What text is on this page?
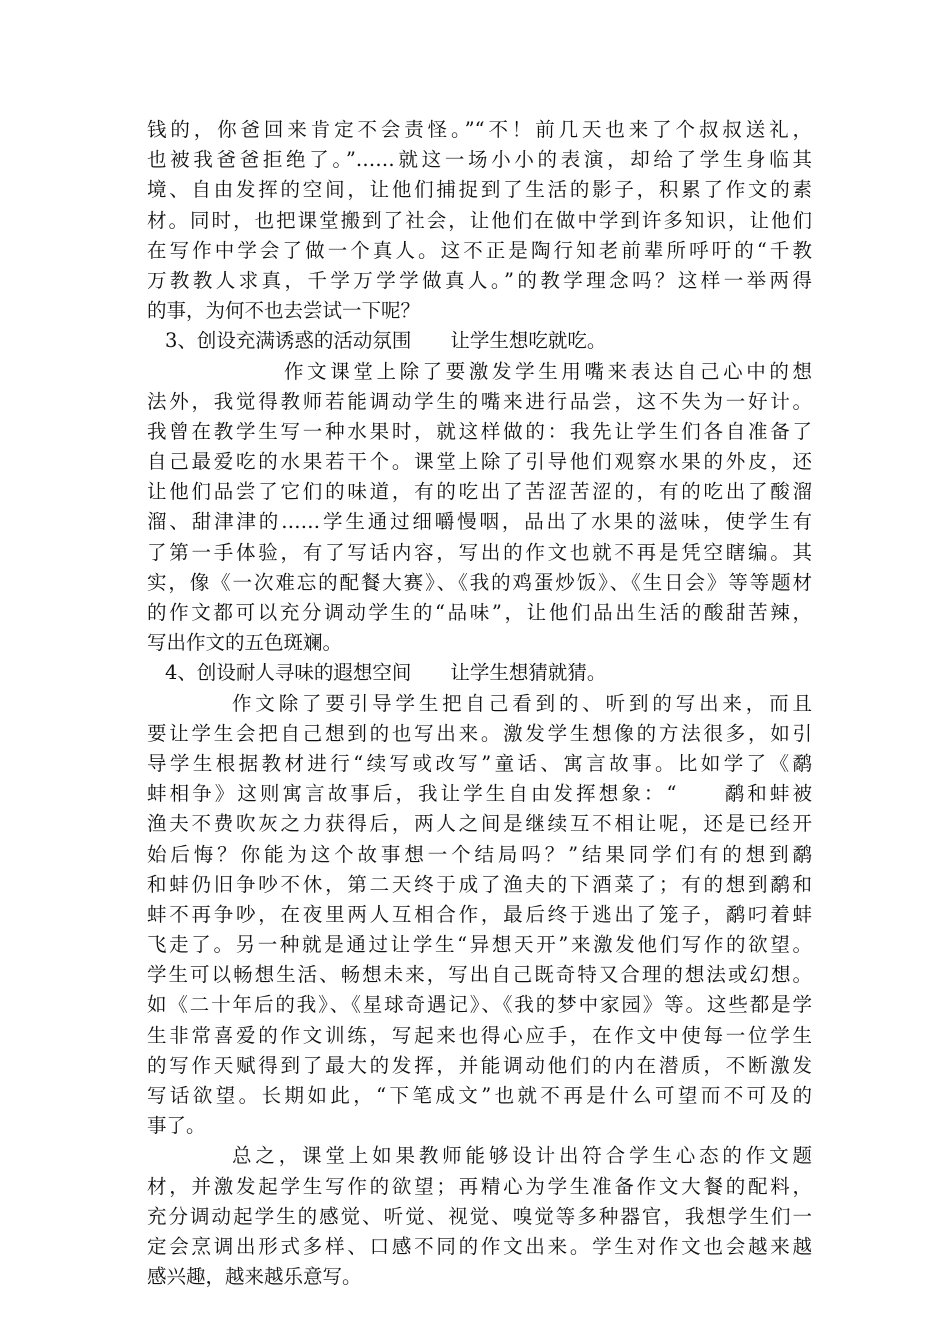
钱的，你爸回来肯定不会责怪。”“不！前几天也来了个叔叔送礼，
也被我爸爸拒绝了。”……就这一场小小的表演，却给了学生身临其
境、自由发挥的空间，让他们捕捉到了生活的影子，积累了作文的素
材。同时，也把课堂搬到了社会，让他们在做中学到许多知识，让他们
在写作中学会了做一个真人。这不正是陶行知老前辈所呼吁的“千教
万教教人求真，千学万学学做真人。”的教学理念吗？这样一举两得
的事，为何不也去尝试一下呢？
3、创设充满诱惑的活动氛围　　让学生想吃就吃。
作文课堂上除了要激发学生用嘴来表达自己心中的想
法外，我觉得教师若能调动学生的嘴来进行品尝，这不失为一好计。
我曾在教学生写一种水果时，就这样做的：我先让学生们各自准备了
自己最爱吃的水果若干个。课堂上除了引导他们观察水果的外皮，还
让他们品尝了它们的味道，有的吃出了苦涩苦涩的，有的吃出了酸溜
溜、甜津津的……学生通过细嚼慢咽，品出了水果的滋味，使学生有
了第一手体验，有了写话内容，写出的作文也就不再是凭空瞎编。其
实，像《一次难忘的配餐大赛》、《我的鸡蛋炒饭》、《生日会》等等题材
的作文都可以充分调动学生的“品味”，让他们品出生活的酸甜苦辣，
写出作文的五色斑斓。
4、创设耐人寻味的遐想空间　　让学生想猜就猜。
作文除了要引导学生把自己看到的、听到的写出来，而且
要让学生会把自己想到的也写出来。激发学生想像的方法很多，如引
导学生根据教材进行“续写或改写”童话、寓言故事。比如学了《鹬
蚌相争》这则寓言故事后，我让学生自由发挥想象：“　　鹬和蚌被
渔夫不费吹灰之力获得后，两人之间是继续互不相让呢，还是已经开
始后悔？你能为这个故事想一个结局吗？”结果同学们有的想到鹬
和蚌仍旧争吵不休，第二天终于成了渔夫的下酒菜了；有的想到鹬和
蚌不再争吵，在夜里两人互相合作，最后终于逃出了笼子，鹬叼着蚌
飞走了。另一种就是通过让学生“异想天开”来激发他们写作的欲望。
学生可以畅想生活、畅想未来，写出自己既奇特又合理的想法或幻想。
如《二十年后的我》、《星球奇遇记》、《我的梦中家园》等。这些都是学
生非常喜爱的作文训练，写起来也得心应手，在作文中使每一位学生
的写作天赋得到了最大的发挥，并能调动他们的内在潜质，不断激发
写话欲望。长期如此，“下笔成文”也就不再是什么可望而不可及的
事了。
总之，课堂上如果教师能够设计出符合学生心态的作文题
材，并激发起学生写作的欲望；再精心为学生准备作文大餐的配料，
充分调动起学生的感觉、听觉、视觉、嗅觉等多种器官，我想学生们一
定会烹调出形式多样、口感不同的作文出来。学生对作文也会越来越
感兴趣，越来越乐意写。
